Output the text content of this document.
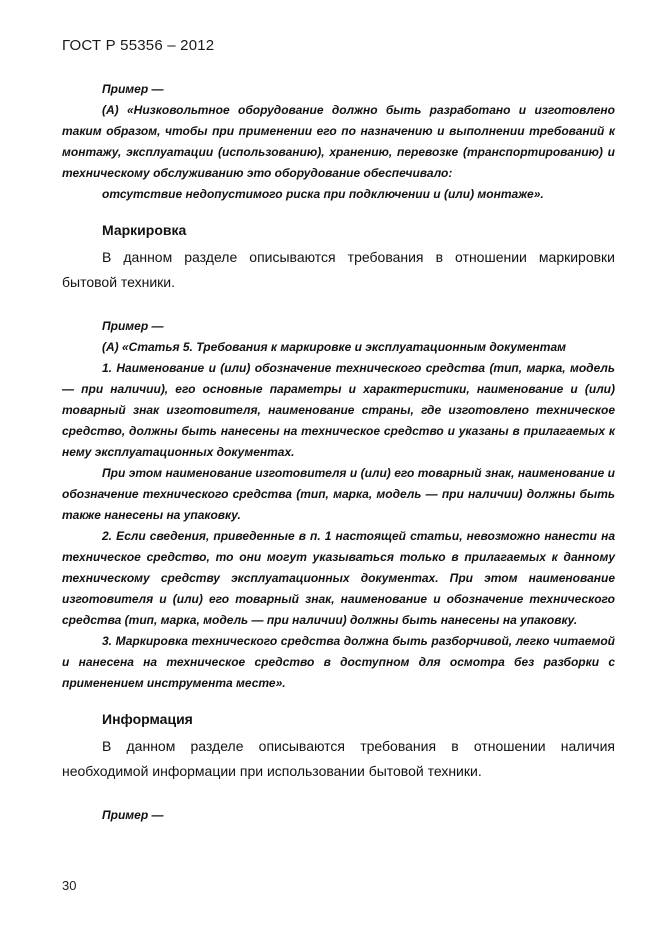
ГОСТ Р 55356 – 2012

Пример —

(А) «Низковольтное оборудование должно быть разработано и изготовлено таким образом, чтобы при применении его по назначению и выполнении требований к монтажу, эксплуатации (использованию), хранению, перевозке (транспортированию) и техническому обслуживанию это оборудование обеспечивало:

отсутствие недопустимого риска при подключении и (или) монтаже».

Маркировка

В данном разделе описываются требования в отношении маркировки бытовой техники.

Пример —

(А) «Статья 5. Требования к маркировке и эксплуатационным документам

1. Наименование и (или) обозначение технического средства (тип, марка, модель — при наличии), его основные параметры и характеристики, наименование и (или) товарный знак изготовителя, наименование страны, где изготовлено техническое средство, должны быть нанесены на техническое средство и указаны в прилагаемых к нему эксплуатационных документах.

При этом наименование изготовителя и (или) его товарный знак, наименование и обозначение технического средства (тип, марка, модель — при наличии) должны быть также нанесены на упаковку.

2. Если сведения, приведенные в п. 1 настоящей статьи, невозможно нанести на техническое средство, то они могут указываться только в прилагаемых к данному техническому средству эксплуатационных документах. При этом наименование изготовителя и (или) его товарный знак, наименование и обозначение технического средства (тип, марка, модель — при наличии) должны быть нанесены на упаковку.

3. Маркировка технического средства должна быть разборчивой, легко читаемой и нанесена на техническое средство в доступном для осмотра без разборки с применением инструмента месте».

Информация

В данном разделе описываются требования в отношении наличия необходимой информации при использовании бытовой техники.

Пример —

30
